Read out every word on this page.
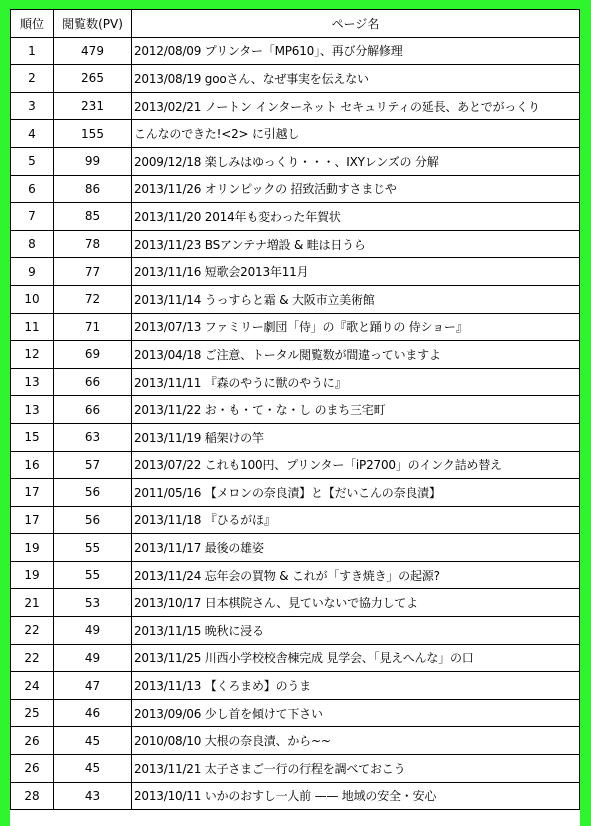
順位	閲覧数(PV)	ページ名
1	479	2012/08/09 プリンター「MP610」、再び分解修理
2	265	2013/08/19 gooさん、なぜ事実を伝えない
3	231	2013/02/21 ノートン インターネット セキュリティの延長、あとでがっくり
4	155	こんなのできた!<2> に引越し
5	99	2009/12/18 楽しみはゆっくり・・・、IXYレンズの 分解
6	86	2013/11/26 オリンピックの 招致活動すさまじや
7	85	2013/11/20 2014年も変わった年賀状
8	78	2013/11/23 BSアンテナ増設 & 畦は日うら
9	77	2013/11/16 短歌会2013年11月
10	72	2013/11/14 うっすらと霜 & 大阪市立美術館
11	71	2013/07/13 ファミリー劇団「侍」の『歌と踊りの 侍ショー』
12	69	2013/04/18 ご注意、トータル閲覧数が間違っていますよ
13	66	2013/11/11 『森のやうに獣のやうに』
13	66	2013/11/22 お・も・て・な・し のまち三宅町
15	63	2013/11/19 稲架けの竿
16	57	2013/07/22 これも100円、プリンター「iP2700」のインク詰め替え
17	56	2011/05/16 【メロンの奈良漬】と【だいこんの奈良漬】
17	56	2013/11/18 『ひるがほ』
19	55	2013/11/17 最後の雄姿
19	55	2013/11/24 忘年会の買物 & これが「すき焼き」の起源?
21	53	2013/10/17 日本棋院さん、見ていないで協力してよ
22	49	2013/11/15 晩秋に浸る
22	49	2013/11/25 川西小学校校舎棟完成 見学会、「見えへんな」の口
24	47	2013/11/13 【くろまめ】のうま
25	46	2013/09/06 少し首を傾けて下さい
26	45	2010/08/10 大根の奈良漬、から~~
26	45	2013/11/21 太子さまご一行の行程を調べておこう
28	43	2013/10/11 いかのおすし一人前 —— 地域の安全・安心
